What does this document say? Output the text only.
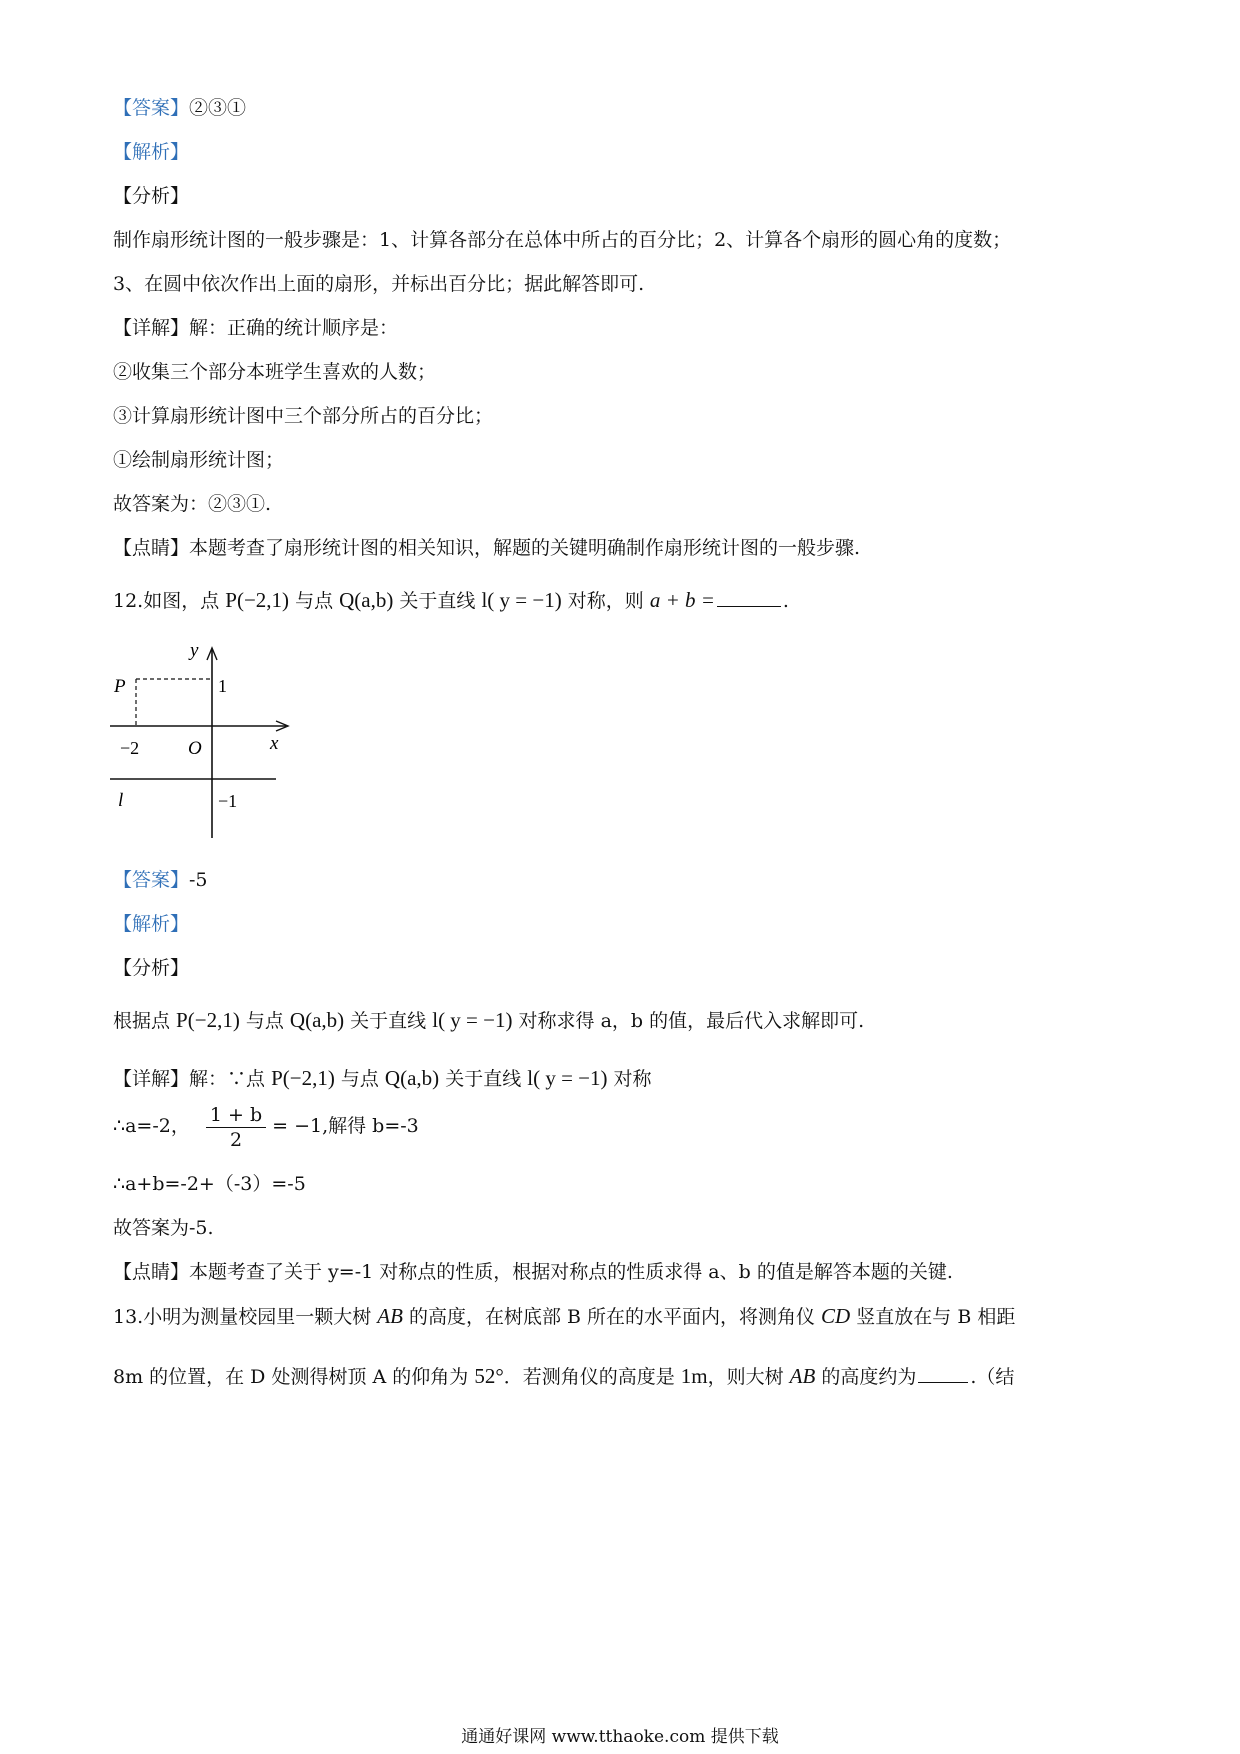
【答案】②③①
【解析】
【分析】
制作扇形统计图的一般步骤是：1、计算各部分在总体中所占的百分比；2、计算各个扇形的圆心角的度数；
3、在圆中依次作出上面的扇形，并标出百分比；据此解答即可.
【详解】解：正确的统计顺序是：
②收集三个部分本班学生喜欢的人数；
③计算扇形统计图中三个部分所占的百分比；
①绘制扇形统计图；
故答案为：②③①.
【点睛】本题考查了扇形统计图的相关知识，解题的关键明确制作扇形统计图的一般步骤.
12.如图，点 P(−2,1) 与点 Q(a,b) 关于直线 l( y = −1) 对称，则 a + b =	.
y
x
P	1
−2	O
l	−1
【答案】-5
【解析】
【分析】
根据点 P(−2,1) 与点 Q(a,b) 关于直线 l( y = −1) 对称求得 a，b 的值，最后代入求解即可.
【详解】解：∵点 P(−2,1) 与点 Q(a,b) 关于直线 l( y = −1) 对称
∴a=-2， $\frac{1 + b}{2} = -1$,解得 b=-3
∴a+b=-2+（-3）=-5
故答案为-5.
【点睛】本题考查了关于 y=-1 对称点的性质，根据对称点的性质求得 a、b 的值是解答本题的关键.
13.小明为测量校园里一颗大树 AB 的高度，在树底部 B 所在的水平面内，将测角仪 CD 竖直放在与 B 相距
8m 的位置，在 D 处测得树顶 A 的仰角为 52°．若测角仪的高度是 1m，则大树 AB 的高度约为	.（结
通通好课网 www.tthaoke.com 提供下载
